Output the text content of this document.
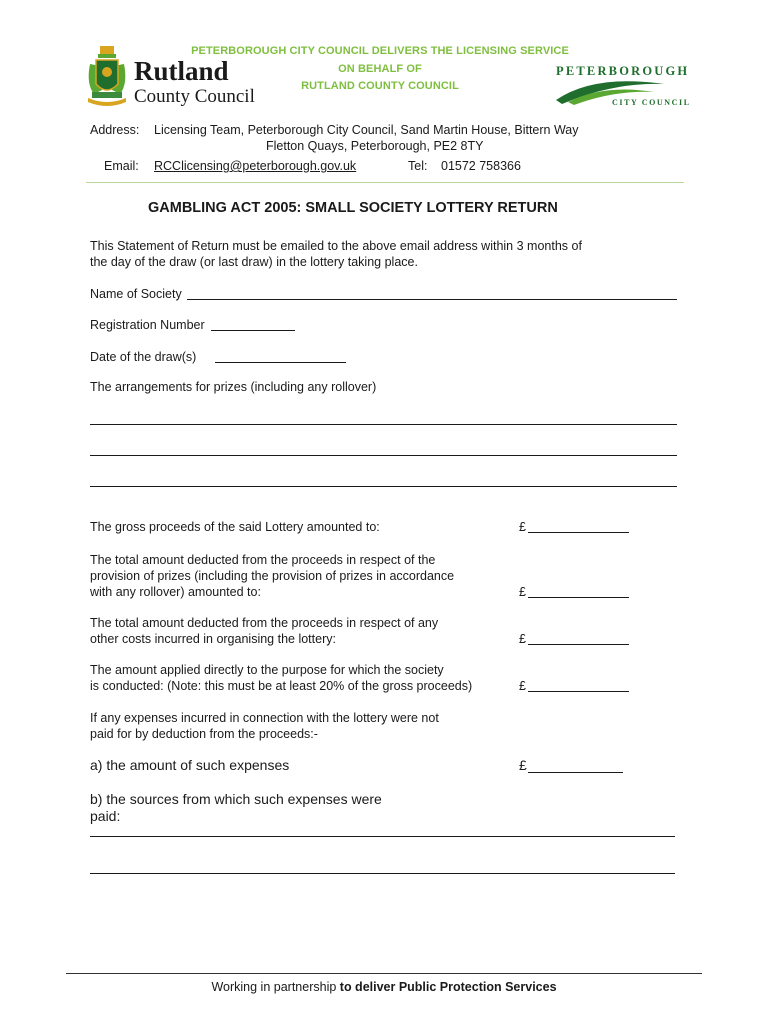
PETERBOROUGH CITY COUNCIL DELIVERS THE LICENSING SERVICE
ON BEHALF OF
RUTLAND COUNTY COUNCIL
Rutland
County Council
PETERBOROUGH
CITY COUNCIL
Address: Licensing Team, Peterborough City Council, Sand Martin House, Bittern Way
Fletton Quays, Peterborough, PE2 8TY
Email: RCClicensing@peterborough.gov.uk	Tel: 01572 758366
GAMBLING ACT 2005: SMALL SOCIETY LOTTERY RETURN
This Statement of Return must be emailed to the above email address within 3 months of
the day of the draw (or last draw) in the lottery taking place.
Name of Society
Registration Number
Date of the draw(s)
The arrangements for prizes (including any rollover)
The gross proceeds of the said Lottery amounted to:	£
The total amount deducted from the proceeds in respect of the
provision of prizes (including the provision of prizes in accordance
with any rollover) amounted to:	£
The total amount deducted from the proceeds in respect of any
other costs incurred in organising the lottery:	£
The amount applied directly to the purpose for which the society
is conducted: (Note: this must be at least 20% of the gross proceeds)	£
If any expenses incurred in connection with the lottery were not
paid for by deduction from the proceeds:-
a) the amount of such expenses	£
b) the sources from which such expenses were
paid:
Working in partnership to deliver Public Protection Services
